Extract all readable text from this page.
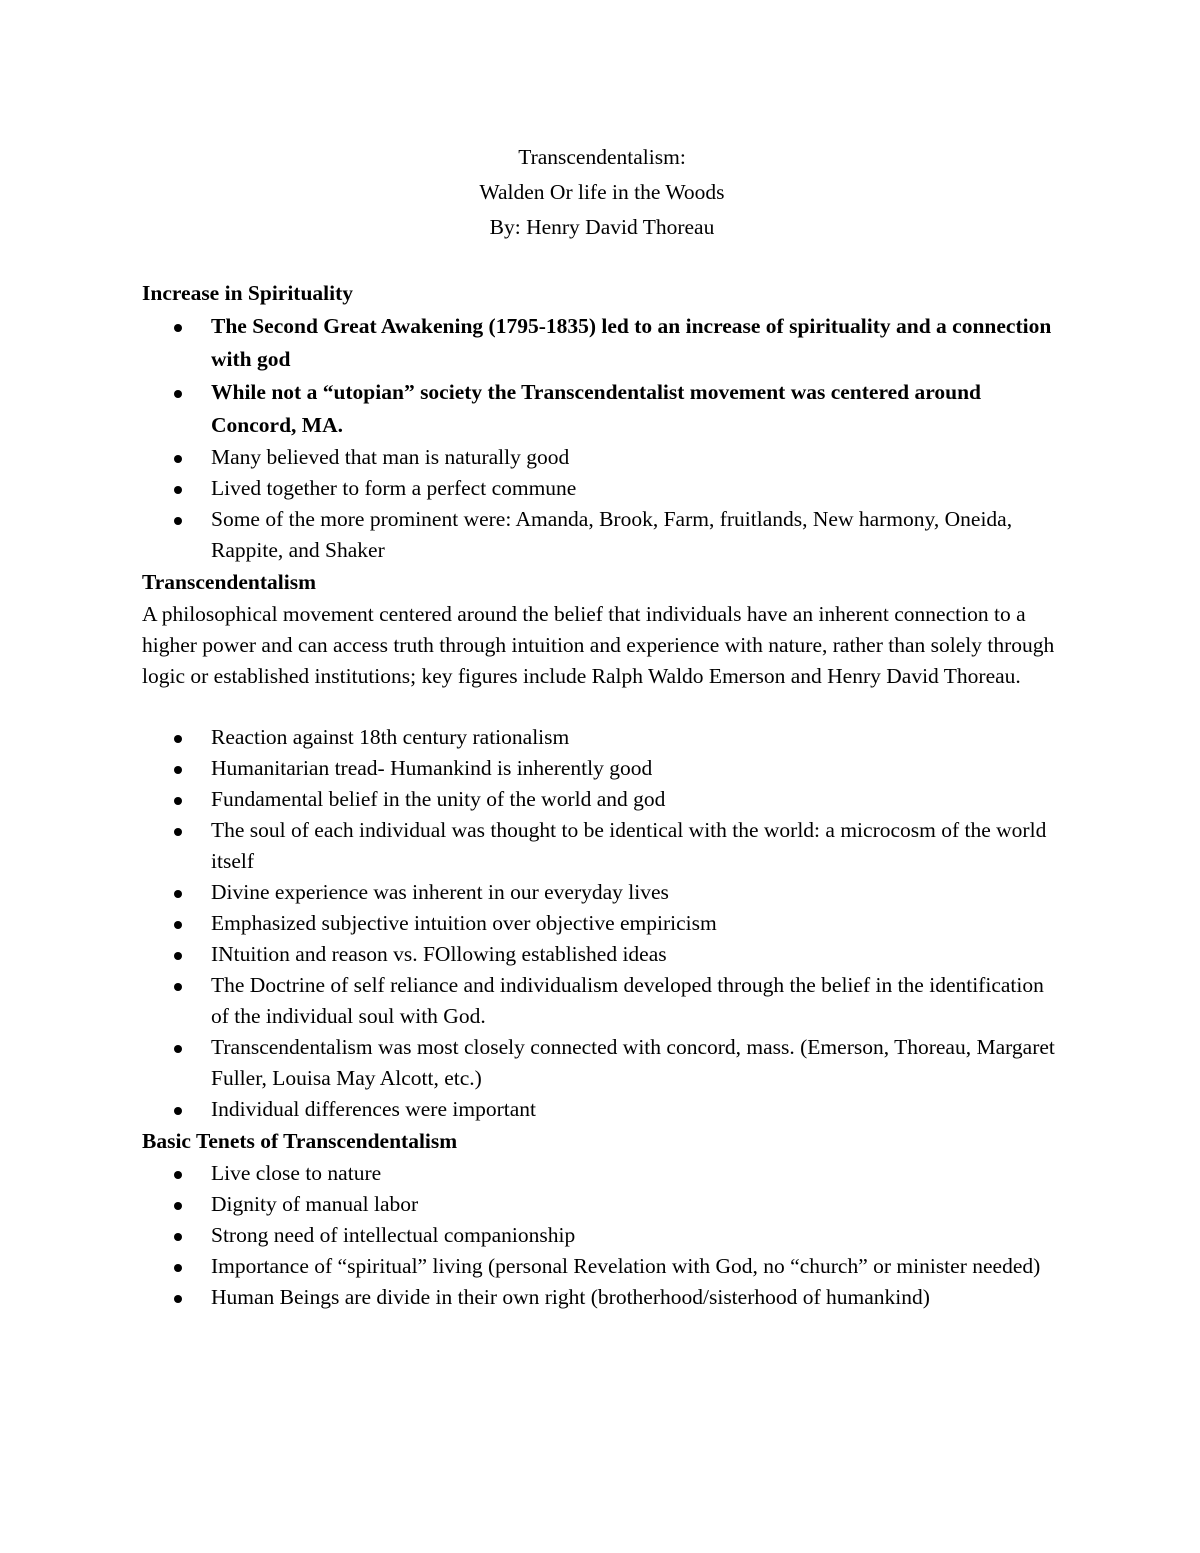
Transcendentalism:
Walden Or life in the Woods
By: Henry David Thoreau
Increase in Spirituality
The Second Great Awakening (1795-1835) led to an increase of spirituality and a connection with god
While not a “utopian” society the Transcendentalist movement was centered around Concord, MA.
Many believed that man is naturally good
Lived together to form a perfect commune
Some of the more prominent were: Amanda, Brook, Farm, fruitlands, New harmony, Oneida, Rappite, and Shaker
Transcendentalism

A philosophical movement centered around the belief that individuals have an inherent connection to a higher power and can access truth through intuition and experience with nature, rather than solely through logic or established institutions; key figures include Ralph Waldo Emerson and Henry David Thoreau.

Reaction against 18th century rationalism
Humanitarian tread- Humankind is inherently good
Fundamental belief in the unity of the world and god
The soul of each individual was thought to be identical with the world: a microcosm of the world itself
Divine experience was inherent in our everyday lives
Emphasized subjective intuition over objective empiricism
INtuition and reason vs. FOllowing established ideas
The Doctrine of self reliance and individualism developed through the belief in the identification of the individual soul with God.
Transcendentalism was most closely connected with concord, mass. (Emerson, Thoreau, Margaret Fuller, Louisa May Alcott, etc.)
Individual differences were important
Basic Tenets of Transcendentalism
Live close to nature
Dignity of manual labor
Strong need of intellectual companionship
Importance of “spiritual” living (personal Revelation with God, no “church” or minister needed)
Human Beings are divide in their own right (brotherhood/sisterhood of humankind)
